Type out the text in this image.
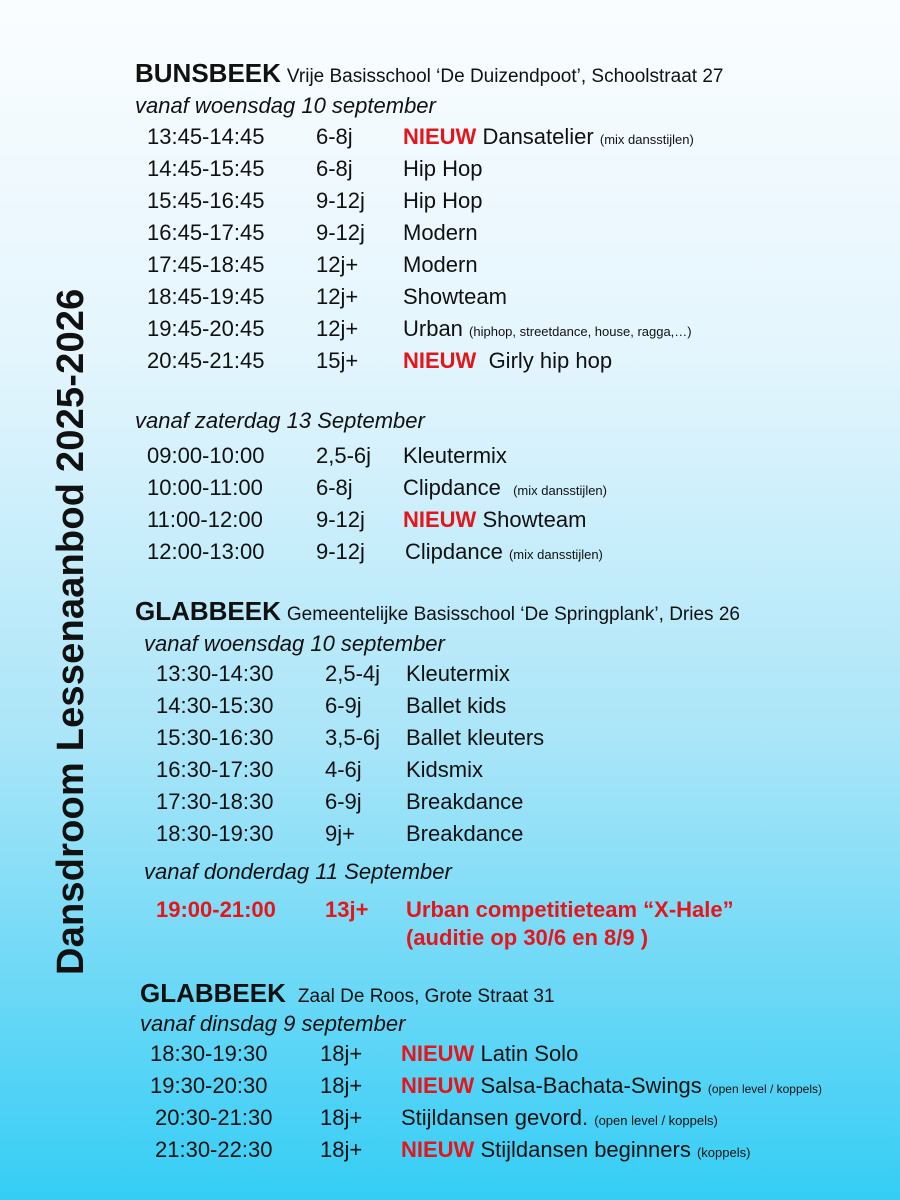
Dansdroom Lessenaanbod 2025-2026
BUNSBEEK Vrije Basisschool ‘De Duizendpoot’, Schoolstraat 27
vanaf woensdag 10 september
13:45-14:45 6-8j NIEUW Dansatelier (mix dansstijlen)
14:45-15:45 6-8j Hip Hop
15:45-16:45 9-12j Hip Hop
16:45-17:45 9-12j Modern
17:45-18:45 12j+ Modern
18:45-19:45 12j+ Showteam
19:45-20:45 12j+ Urban (hiphop, streetdance, house, ragga,…)
20:45-21:45 15j+ NIEUW Girly hip hop
vanaf zaterdag 13 September
09:00-10:00 2,5-6j Kleutermix
10:00-11:00 6-8j Clipdance (mix dansstijlen)
11:00-12:00 9-12j NIEUW Showteam
12:00-13:00 9-12j Clipdance (mix dansstijlen)
GLABBEEK Gemeentelijke Basisschool ‘De Springplank’, Dries 26
vanaf woensdag 10 september
13:30-14:30 2,5-4j Kleutermix
14:30-15:30 6-9j Ballet kids
15:30-16:30 3,5-6j Ballet kleuters
16:30-17:30 4-6j Kidsmix
17:30-18:30 6-9j Breakdance
18:30-19:30 9j+ Breakdance
vanaf donderdag 11 September
19:00-21:00 13j+ Urban competitieteam “X-Hale”
(auditie op 30/6 en 8/9 )
GLABBEEK Zaal De Roos, Grote Straat 31
vanaf dinsdag 9 september
18:30-19:30 18j+ NIEUW Latin Solo
19:30-20:30 18j+ NIEUW Salsa-Bachata-Swings (open level / koppels)
20:30-21:30 18j+ Stijldansen gevord. (open level / koppels)
21:30-22:30 18j+ NIEUW Stijldansen beginners (koppels)
